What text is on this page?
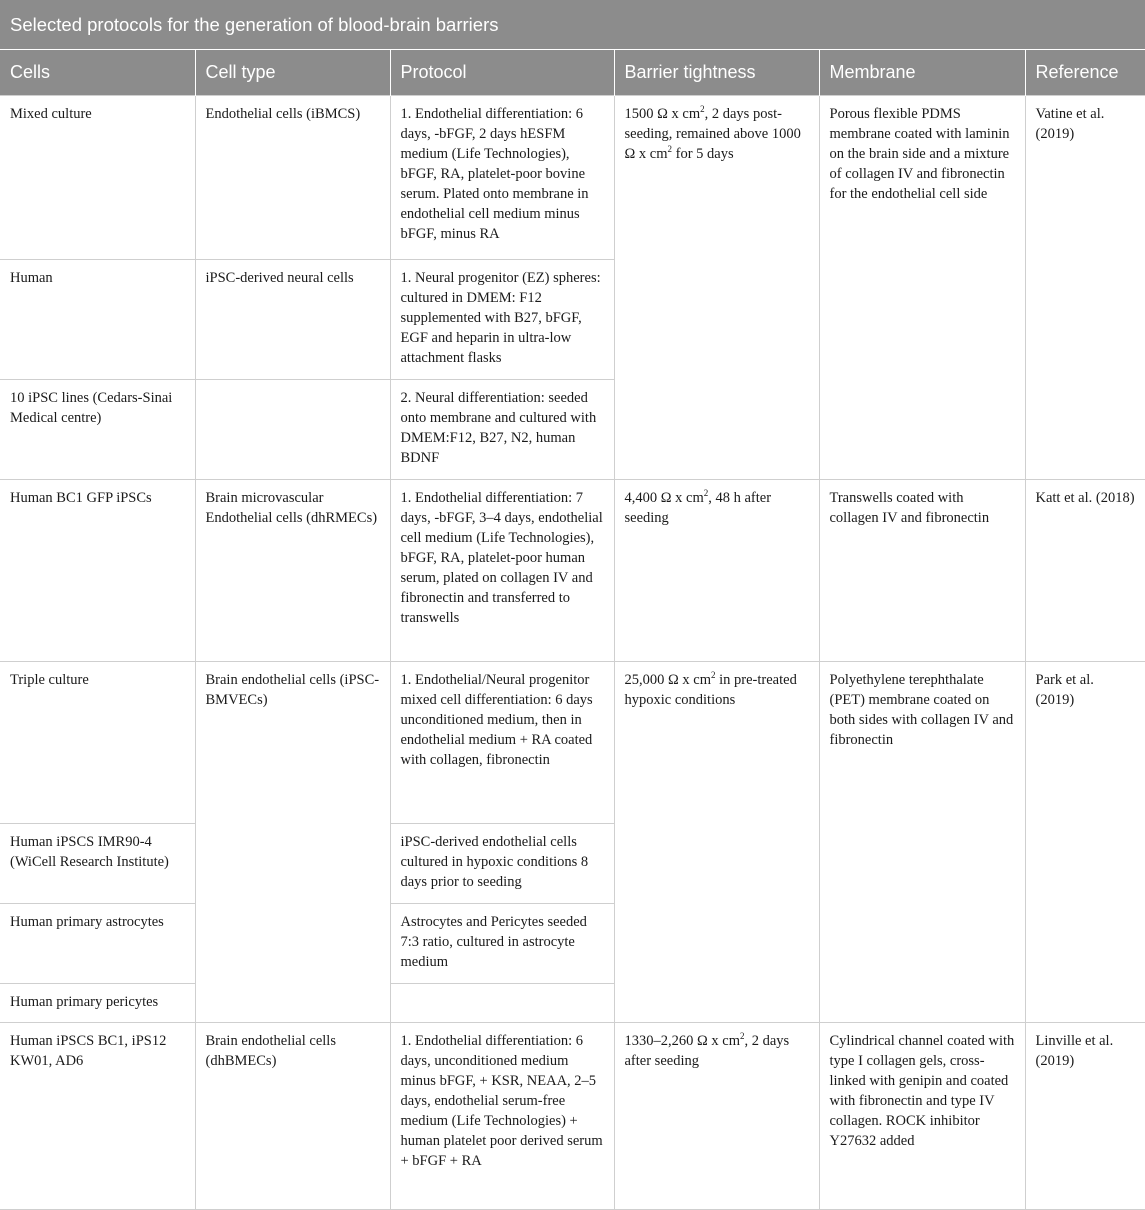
Selected protocols for the generation of blood-brain barriers
Cells	Cell type	Protocol	Barrier tightness	Membrane	Reference
Mixed culture	Endothelial cells (iBMCS)	1. Endothelial differentiation: 6 days, -bFGF, 2 days hESFM medium (Life Technologies), bFGF, RA, platelet-poor bovine serum. Plated onto membrane in endothelial cell medium minus bFGF, minus RA	1500 Ω x $cm^2$, 2 days post-seeding, remained above 1000 Ω x $cm^2$ for 5 days	Porous flexible PDMS membrane coated with laminin on the brain side and a mixture of collagen IV and fibronectin for the endothelial cell side	Vatine et al. (2019)
Human	iPSC-derived neural cells	1. Neural progenitor (EZ) spheres: cultured in DMEM: F12 supplemented with B27, bFGF, EGF and heparin in ultra-low attachment flasks			
10 iPSC lines (Cedars-Sinai Medical centre)		2. Neural differentiation: seeded onto membrane and cultured with DMEM:F12, B27, N2, human BDNF			
Human BC1 GFP iPSCs	Brain microvascular Endothelial cells (dhRMECs)	1. Endothelial differentiation: 7 days, -bFGF, 3–4 days, endothelial cell medium (Life Technologies), bFGF, RA, platelet-poor human serum, plated on collagen IV and fibronectin and transferred to transwells	4,400 Ω x $cm^2$, 48 h after seeding	Transwells coated with collagen IV and fibronectin	Katt et al. (2018)
Triple culture	Brain endothelial cells (iPSC-BMVECs)	1. Endothelial/Neural progenitor mixed cell differentiation: 6 days unconditioned medium, then in endothelial medium + RA coated with collagen, fibronectin	25,000 Ω x $cm^2$ in pre-treated hypoxic conditions	Polyethylene terephthalate (PET) membrane coated on both sides with collagen IV and fibronectin	Park et al. (2019)
Human iPSCS IMR90-4 (WiCell Research Institute)		iPSC-derived endothelial cells cultured in hypoxic conditions 8 days prior to seeding			
Human primary astrocytes		Astrocytes and Pericytes seeded 7:3 ratio, cultured in astrocyte medium			
Human primary pericytes					
Human iPSCS BC1, iPS12 KW01, AD6	Brain endothelial cells (dhBMECs)	1. Endothelial differentiation: 6 days, unconditioned medium minus bFGF, + KSR, NEAA, 2–5 days, endothelial serum-free medium (Life Technologies) + human platelet poor derived serum + bFGF + RA	1330–2,260 Ω x $cm^2$, 2 days after seeding	Cylindrical channel coated with type I collagen gels, cross-linked with genipin and coated with fibronectin and type IV collagen. ROCK inhibitor Y27632 added	Linville et al. (2019)
